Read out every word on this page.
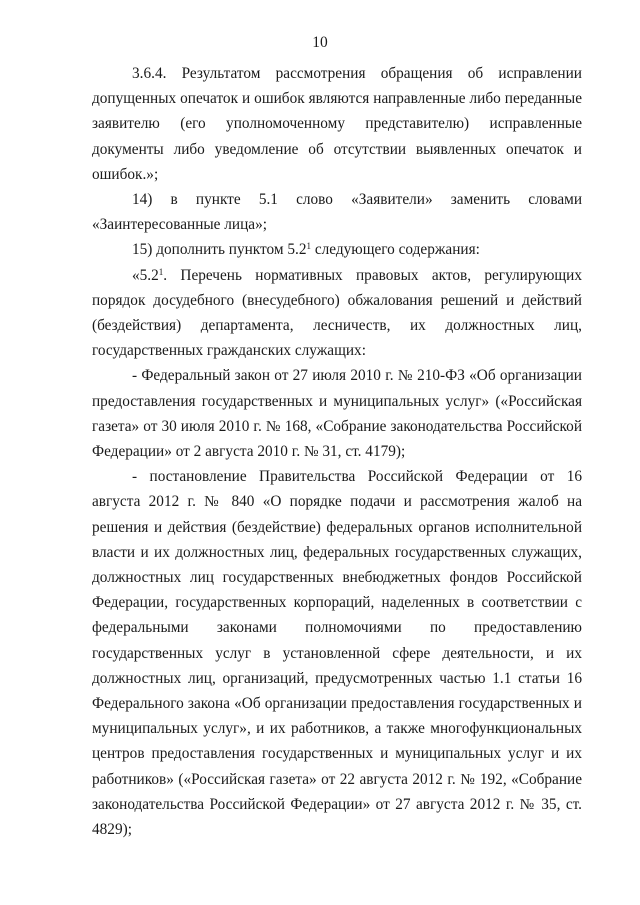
10

3.6.4. Результатом рассмотрения обращения об исправлении допущенных опечаток и ошибок являются направленные либо переданные заявителю (его уполномоченному представителю) исправленные документы либо уведомление об отсутствии выявленных опечаток и ошибок.»;

14) в пункте 5.1 слово «Заявители» заменить словами «Заинтересованные лица»;

15) дополнить пунктом $5.2^1$ следующего содержания:

«$5.2^1$. Перечень нормативных правовых актов, регулирующих порядок досудебного (внесудебного) обжалования решений и действий (бездействия) департамента, лесничеств, их должностных лиц, государственных гражданских служащих:

- Федеральный закон от 27 июля 2010 г. № 210-ФЗ «Об организации предоставления государственных и муниципальных услуг» («Российская газета» от 30 июля 2010 г. № 168, «Собрание законодательства Российской Федерации» от 2 августа 2010 г. № 31, ст. 4179);

- постановление Правительства Российской Федерации от 16 августа 2012 г. № 840 «О порядке подачи и рассмотрения жалоб на решения и действия (бездействие) федеральных органов исполнительной власти и их должностных лиц, федеральных государственных служащих, должностных лиц государственных внебюджетных фондов Российской Федерации, государственных корпораций, наделенных в соответствии с федеральными законами полномочиями по предоставлению государственных услуг в установленной сфере деятельности, и их должностных лиц, организаций, предусмотренных частью 1.1 статьи 16 Федерального закона «Об организации предоставления государственных и муниципальных услуг», и их работников, а также многофункциональных центров предоставления государственных и муниципальных услуг и их работников» («Российская газета» от 22 августа 2012 г. № 192, «Собрание законодательства Российской Федерации» от 27 августа 2012 г. № 35, ст. 4829);
